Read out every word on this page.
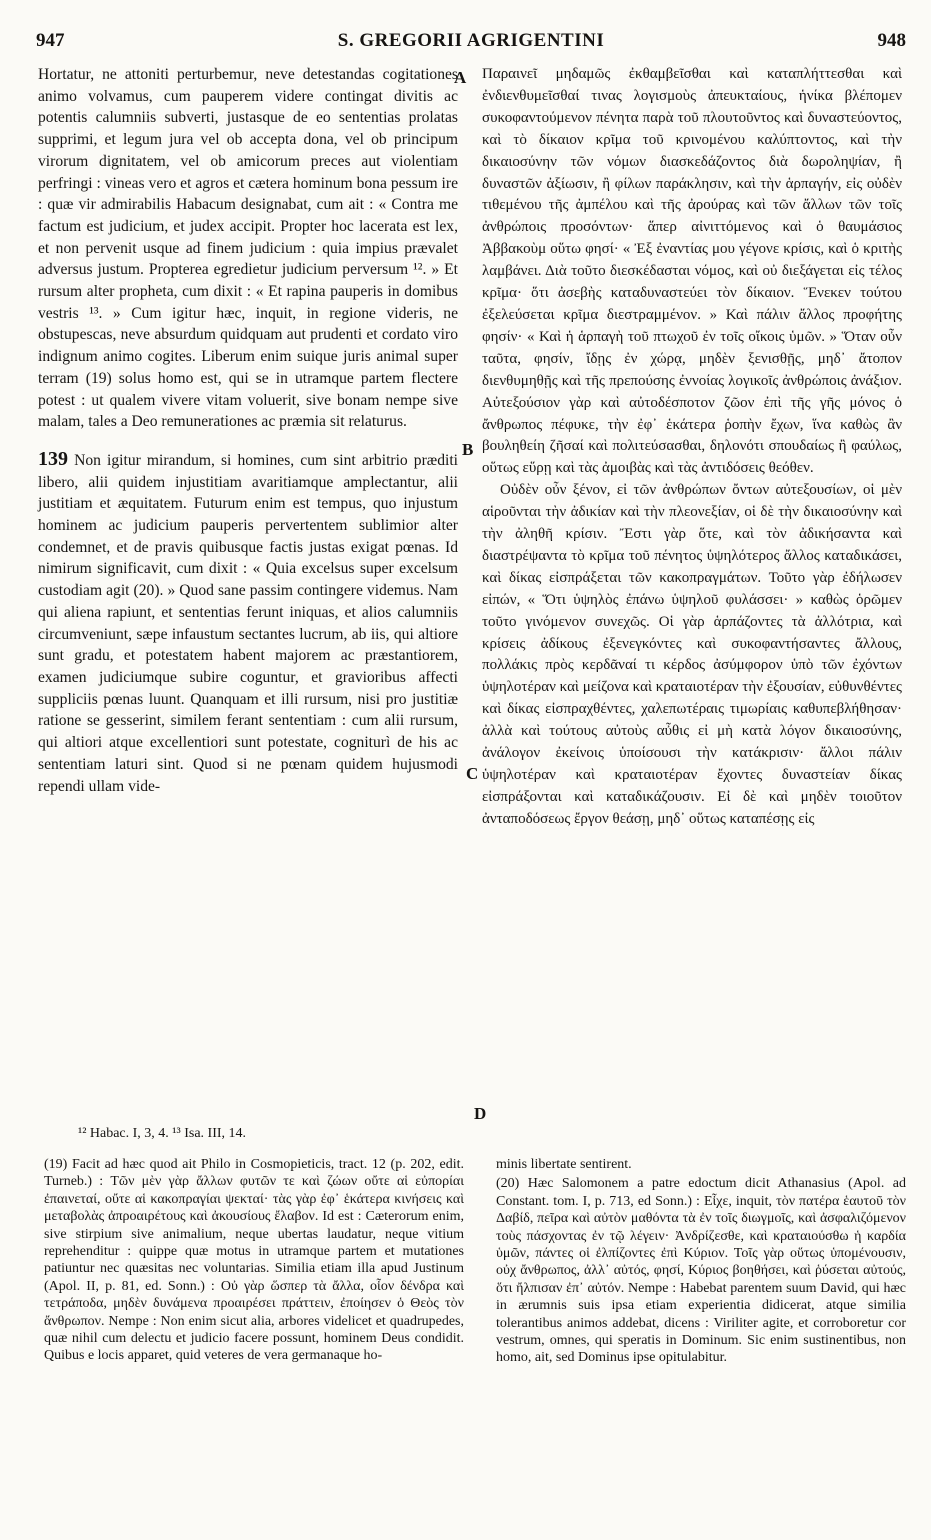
947	S. GREGORII AGRIGENTINI	948

Hortatur, ne attoniti perturbemur, neve detestandas cogitationes animo volvamus, cum pauperem videre contingat divitis ac potentis calumniis subverti, justasque de eo sententias prolatas supprimi, et legum jura vel ob accepta dona, vel ob principum virorum dignitatem, vel ob amicorum preces aut violentiam perfringi : vineas vero et agros et cætera hominum bona pessum ire : quæ vir admirabilis Habacum designabat, cum ait : « Contra me factum est judicium, et judex accipit. Propter hoc lacerata est lex, et non pervenit usque ad finem judicium : quia impius prævalet adversus justum. Propterea egredietur judicium perversum ¹². » Et rursum alter propheta, cum dixit : « Et rapina pauperis in domibus vestris ¹³. » Cum igitur hæc, inquit, in regione videris, ne obstupescas, neve absurdum quidquam aut prudenti et cordato viro indignum animo cogites. Liberum enim suique juris animal super terram (19) solus homo est, qui se in utramque partem flectere potest : ut qualem vivere vitam voluerit, sive bonam nempe sive malam, tales a Deo remunerationes ac præmia sit relaturus.

139 Non igitur mirandum, si homines, cum sint arbitrio præditi libero, alii quidem injustitiam avaritiamque amplectantur, alii justitiam et æquitatem. Futurum enim est tempus, quo injustum hominem ac judicium pauperis pervertentem sublimior alter condemnet, et de pravis quibusque factis justas exigat pœnas. Id nimirum significavit, cum dixit : « Quia excelsus super excelsum custodiam agit (20). » Quod sane passim contingere videmus. Nam qui aliena rapiunt, et sententias ferunt iniquas, et alios calumniis circumveniunt, sæpe infaustum sectantes lucrum, ab iis, qui altiore sunt gradu, et potestatem habent majorem ac præstantiorem, examen judiciumque subire coguntur, et gravioribus affecti suppliciis pœnas luunt. Quanquam et illi rursum, nisi pro justitiæ ratione se gesserint, similem ferant sententiam : cum alii rursum, qui altiori atque excellentiori sunt potestate, cogniturì de his ac sententiam laturi sint. Quod si ne pœnam quidem hujusmodi rependi ullam vide-

Παραινεῖ μηδαμῶς ἐκθαμβεῖσθαι καὶ καταπλήττεσθαι καὶ ἐνδιενθυμεῖσθαί τινας λογισμοὺς ἀπευκταίους, ἡνίκα βλέπομεν συκοφαντούμενον πένητα παρὰ τοῦ πλουτοῦντος καὶ δυναστεύοντος, καὶ τὸ δίκαιον κρῖμα τοῦ κρινομένου καλύπτοντος, καὶ τὴν δικαιοσύνην τῶν νόμων διασκεδάζοντος διὰ δωροληψίαν, ἢ δυναστῶν ἀξίωσιν, ἢ φίλων παράκλησιν, καὶ τὴν ἁρπαγήν, εἰς οὐδὲν τιθεμένου τῆς ἀμπέλου καὶ τῆς ἀρούρας καὶ τῶν ἄλλων τῶν τοῖς ἀνθρώποις προσόντων· ἅπερ αἰνιττόμενος καὶ ὁ θαυμάσιος Ἀββακοὺμ οὕτω φησί· « Ἐξ ἐναντίας μου γέγονε κρίσις, καὶ ὁ κριτὴς λαμβάνει. Διὰ τοῦτο διεσκέδασται νόμος, καὶ οὐ διεξάγεται εἰς τέλος κρῖμα· ὅτι ἀσεβὴς καταδυναστεύει τὸν δίκαιον. Ἕνεκεν τούτου ἐξελεύσεται κρῖμα διεστραμμένον. » Καὶ πάλιν ἄλλος προφήτης φησίν· « Καὶ ἡ ἁρπαγὴ τοῦ πτωχοῦ ἐν τοῖς οἴκοις ὑμῶν. » Ὅταν οὖν ταῦτα, φησίν, ἴδῃς ἐν χώρᾳ, μηδὲν ξενισθῇς, μηδ᾽ ἄτοπον διενθυμηθῇς καὶ τῆς πρεπούσης ἐννοίας λογικοῖς ἀνθρώποις ἀνάξιον. Αὐτεξούσιον γὰρ καὶ αὐτοδέσποτον ζῶον ἐπὶ τῆς γῆς μόνος ὁ ἄνθρωπος πέφυκε, τὴν ἐφ᾽ ἑκάτερα ῥοπὴν ἔχων, ἵνα καθὼς ἂν βουληθείη ζῆσαί καὶ πολιτεύσασθαι, δηλονότι σπουδαίως ἢ φαύλως, οὕτως εὕρῃ καὶ τὰς ἀμοιβὰς καὶ τὰς ἀντιδόσεις θεόθεν.

Οὐδὲν οὖν ξένον, εἰ τῶν ἀνθρώπων ὄντων αὐτεξουσίων, οἱ μὲν αἱροῦνται τὴν ἀδικίαν καὶ τὴν πλεονεξίαν, οἱ δὲ τὴν δικαιοσύνην καὶ τὴν ἀληθῆ κρίσιν. Ἔστι γὰρ ὅτε, καὶ τὸν ἀδικήσαντα καὶ διαστρέψαντα τὸ κρῖμα τοῦ πένητος ὑψηλότερος ἄλλος καταδικάσει, καὶ δίκας εἰσπράξεται τῶν κακοπραγμάτων. Τοῦτο γὰρ ἐδήλωσεν εἰπών, « Ὅτι ὑψηλὸς ἐπάνω ὑψηλοῦ φυλάσσει· » καθὼς ὁρῶμεν τοῦτο γινόμενον συνεχῶς. Οἱ γὰρ ἁρπάζοντες τὰ ἀλλότρια, καὶ κρίσεις ἀδίκους ἐξενεγκόντες καὶ συκοφαντήσαντες ἄλλους, πολλάκις πρὸς κερδᾶναί τι κέρδος ἀσύμφορον ὑπὸ τῶν ἐχόντων ὑψηλοτέραν καὶ μείζονα καὶ κραταιοτέραν τὴν ἐξουσίαν, εὐθυνθέντες καὶ δίκας εἰσπραχθέντες, χαλεπωτέραις τιμωρίαις καθυπεβλήθησαν· ἀλλὰ καὶ τούτους αὐτοὺς αὖθις εἰ μὴ κατὰ λόγον δικαιοσύνης, ἀνάλογον ἐκείνοις ὑποίσουσι τὴν κατάκρισιν· ἄλλοι πάλιν ὑψηλοτέραν καὶ κραταιοτέραν ἔχοντες δυναστείαν δίκας εἰσπράξονται καὶ καταδικάζουσιν. Εἰ δὲ καὶ μηδὲν τοιοῦτον ἀνταποδόσεως ἔργον θεάσῃ, μηδ᾽ οὕτως καταπέσῃς εἰς

A
B
C
D
¹² Habac. I, 3, 4. ¹³ Isa. III, 14.

(19) Facit ad hæc quod ait Philo in Cosmopieticis, tract. 12 (p. 202, edit. Turneb.) : Τῶν μὲν γὰρ ἄλλων φυτῶν τε καὶ ζώων οὔτε αἱ εὐπορίαι ἐπαινεταί, οὔτε αἱ κακοπραγίαι ψεκταί· τὰς γὰρ ἐφ᾽ ἑκάτερα κινήσεις καὶ μεταβολὰς ἀπροαιρέτους καὶ ἀκουσίους ἔλαβον. Id est : Cæterorum enim, sive stirpium sive animalium, neque ubertas laudatur, neque vitium reprehenditur : quippe quæ motus in utramque partem et mutationes patiuntur nec quæsitas nec voluntarias. Similia etiam illa apud Justinum (Apol. II, p. 81, ed. Sonn.) : Οὐ γὰρ ὥσπερ τὰ ἄλλα, οἷον δένδρα καὶ τετράποδα, μηδὲν δυνάμενα προαιρέσει πράττειν, ἐποίησεν ὁ Θεὸς τὸν ἄνθρωπον. Nempe : Non enim sicut alia, arbores videlicet et quadrupedes, quæ nihil cum delectu et judicio facere possunt, hominem Deus condidit. Quibus e locis apparet, quid veteres de vera germanaque ho-

minis libertate sentirent.

(20) Hæc Salomonem a patre edoctum dicit Athanasius (Apol. ad Constant. tom. I, p. 713, ed Sonn.) : Εἶχε, inquit, τὸν πατέρα ἑαυτοῦ τὸν Δαβίδ, πεῖρα καὶ αὐτὸν μαθόντα τὰ ἐν τοῖς διωγμοῖς, καὶ ἀσφαλιζόμενον τοὺς πάσχοντας ἐν τῷ λέγειν· Ἀνδρίζεσθε, καὶ κραταιούσθω ἡ καρδία ὑμῶν, πάντες οἱ ἐλπίζοντες ἐπὶ Κύριον. Τοῖς γὰρ οὕτως ὑπομένουσιν, οὐχ ἄνθρωπος, ἀλλ᾽ αὐτός, φησί, Κύριος βοηθήσει, καὶ ῥύσεται αὐτούς, ὅτι ἤλπισαν ἐπ᾽ αὐτόν. Nempe : Habebat parentem suum David, qui hæc in ærumnis suis ipsa etiam experientia didicerat, atque similia tolerantibus animos addebat, dicens : Viriliter agite, et corroboretur cor vestrum, omnes, qui speratis in Dominum. Sic enim sustinentibus, non homo, ait, sed Dominus ipse opitulabitur.
